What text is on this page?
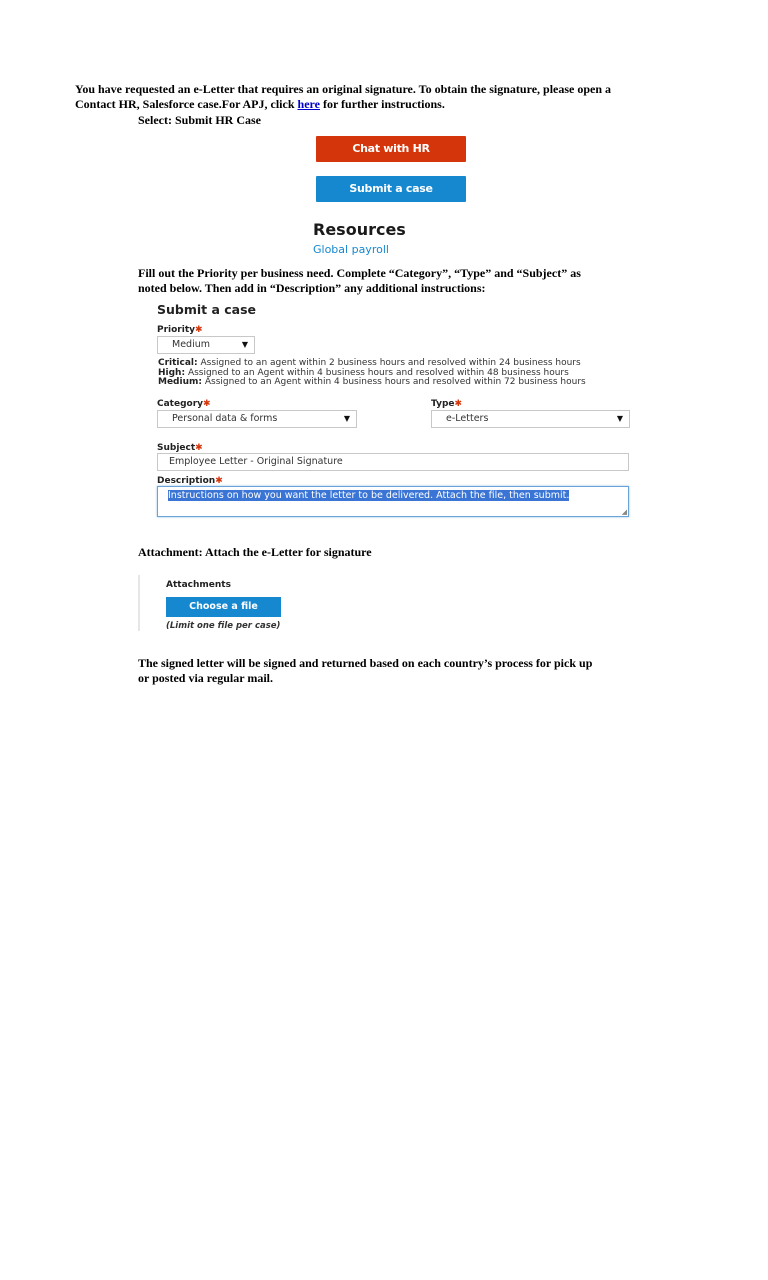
You have requested an e-Letter that requires an original signature. To obtain the signature, please open a
Contact HR, Salesforce case.For APJ, click here for further instructions.
Select: Submit HR Case
Chat with HR
Submit a case
Resources
Global payroll
Fill out the Priority per business need. Complete “Category”, “Type” and “Subject” as
noted below. Then add in “Description” any additional instructions:
Submit a case
Priority✱
Medium	▼
Critical: Assigned to an agent within 2 business hours and resolved within 24 business hours
High: Assigned to an Agent within 4 business hours and resolved within 48 business hours
Medium: Assigned to an Agent within 4 business hours and resolved within 72 business hours
Category✱
Personal data & forms	▼
Type✱
e-Letters	▼
Subject✱
Employee Letter - Original Signature
Description✱
Instructions on how you want the letter to be delivered. Attach the file, then submit.
◢
Attachment: Attach the e-Letter for signature
Attachments
Choose a file
(Limit one file per case)
The signed letter will be signed and returned based on each country’s process for pick up
or posted via regular mail.
